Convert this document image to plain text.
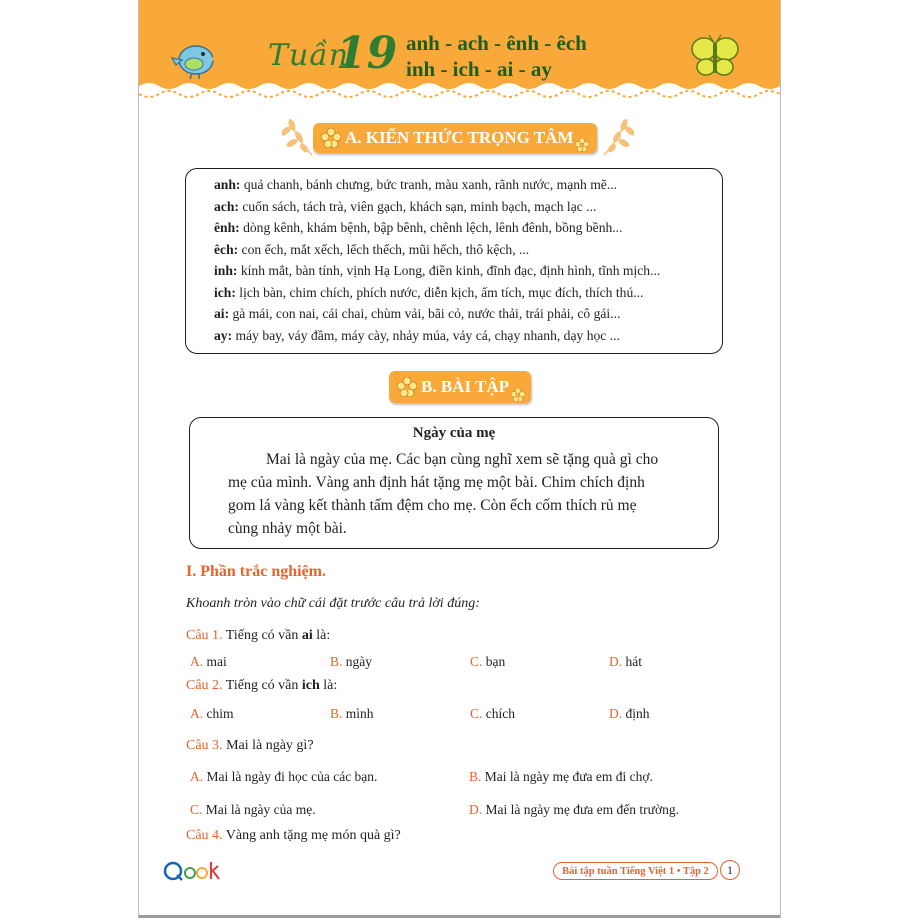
Tuần
19 anh - ach - ênh - êch
inh - ich - ai - ay
A. KIẾN THỨC TRỌNG TÂM
anh: quả chanh, bánh chưng, bức tranh, màu xanh, rãnh nước, mạnh mẽ...
ach: cuốn sách, tách trà, viên gạch, khách sạn, minh bạch, mạch lạc ...
ênh: dòng kênh, khám bệnh, bập bênh, chênh lệch, lênh đênh, bồng bềnh...
êch: con ếch, mắt xếch, lếch thếch, mũi hếch, thô kệch, ...
inh: kính mắt, bàn tính, vịnh Hạ Long, điền kinh, đĩnh đạc, định hình, tĩnh mịch...
ich: lịch bàn, chim chích, phích nước, diễn kịch, ấm tích, mục đích, thích thú...
ai: gà mái, con nai, cái chai, chùm vải, bãi cỏ, nước thải, trái phải, cô gái...
ay: máy bay, váy đầm, máy cày, nhảy múa, vảy cá, chạy nhanh, dạy học ...
B. BÀI TẬP
Ngày của mẹ
Mai là ngày của mẹ. Các bạn cùng nghĩ xem sẽ tặng quà gì cho
mẹ của mình. Vàng anh định hát tặng mẹ một bài. Chim chích định
gom lá vàng kết thành tấm đệm cho mẹ. Còn ếch cốm thích rủ mẹ
cùng nhảy một bài.
I. Phần trắc nghiệm.
Khoanh tròn vào chữ cái đặt trước câu trả lời đúng:
Câu 1. Tiếng có vần ai là:
A. mai	B. ngày	C. bạn	D. hát
Câu 2. Tiếng có vần ich là:
A. chim	B. mình	C. chích	D. định
Câu 3. Mai là ngày gì?
A. Mai là ngày đi học của các bạn.	B. Mai là ngày mẹ đưa em đi chợ.
C. Mai là ngày của mẹ.	D. Mai là ngày mẹ đưa em đến trường.
Câu 4. Vàng anh tặng mẹ món quà gì?
Bài tập tuần Tiếng Việt 1 • Tập 2	1
